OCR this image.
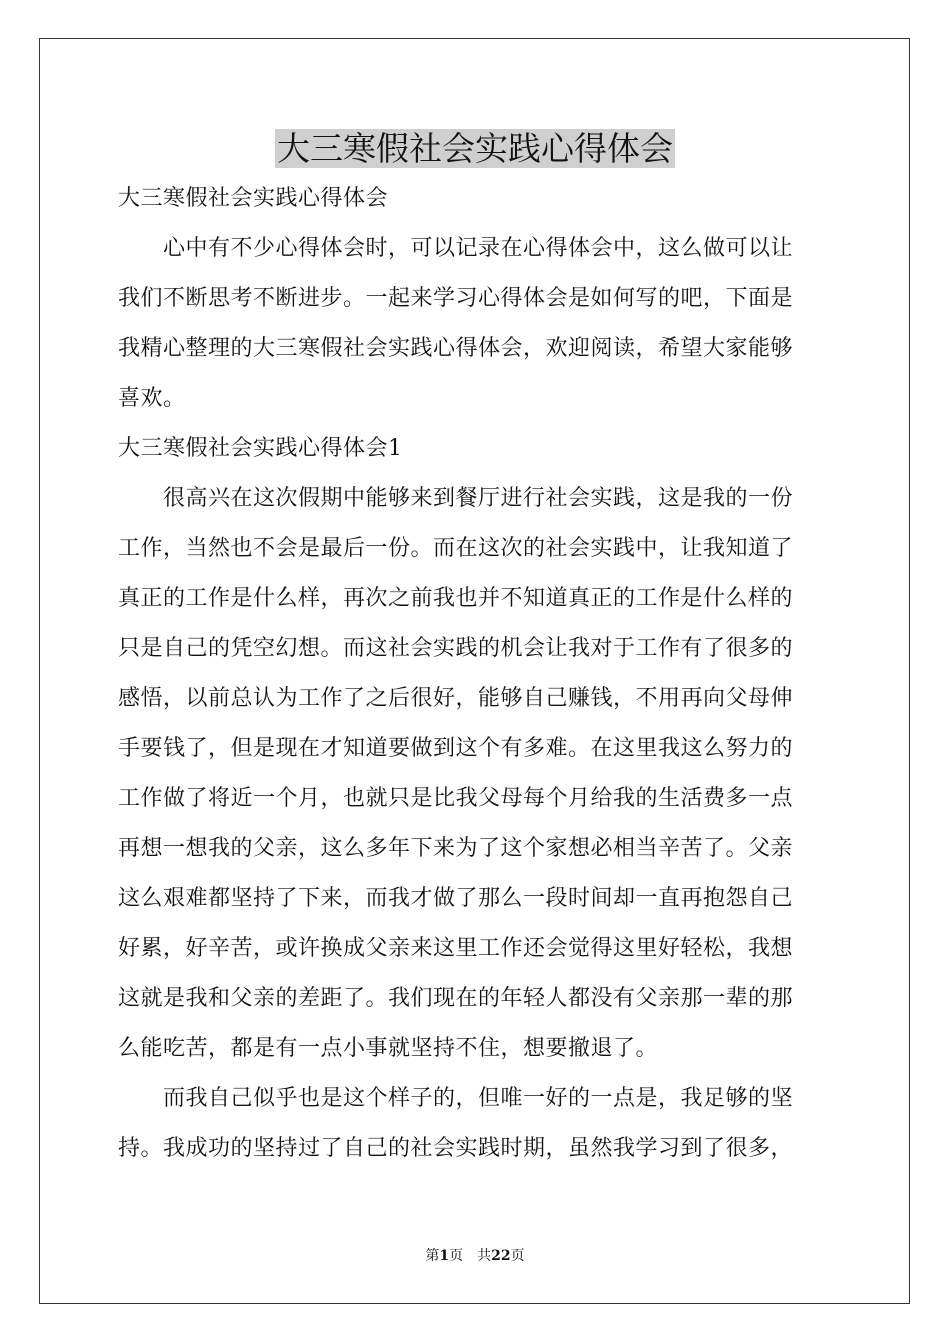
大三寒假社会实践心得体会
大三寒假社会实践心得体会
　　心中有不少心得体会时，可以记录在心得体会中，这么做可以让
我们不断思考不断进步。一起来学习心得体会是如何写的吧，下面是
我精心整理的大三寒假社会实践心得体会，欢迎阅读，希望大家能够
喜欢。
大三寒假社会实践心得体会1
　　很高兴在这次假期中能够来到餐厅进行社会实践，这是我的一份
工作，当然也不会是最后一份。而在这次的社会实践中，让我知道了
真正的工作是什么样，再次之前我也并不知道真正的工作是什么样的
只是自己的凭空幻想。而这社会实践的机会让我对于工作有了很多的
感悟，以前总认为工作了之后很好，能够自己赚钱，不用再向父母伸
手要钱了，但是现在才知道要做到这个有多难。在这里我这么努力的
工作做了将近一个月，也就只是比我父母每个月给我的生活费多一点
再想一想我的父亲，这么多年下来为了这个家想必相当辛苦了。父亲
这么艰难都坚持了下来，而我才做了那么一段时间却一直再抱怨自己
好累，好辛苦，或许换成父亲来这里工作还会觉得这里好轻松，我想
这就是我和父亲的差距了。我们现在的年轻人都没有父亲那一辈的那
么能吃苦，都是有一点小事就坚持不住，想要撤退了。
　　而我自己似乎也是这个样子的，但唯一好的一点是，我足够的坚
持。我成功的坚持过了自己的社会实践时期，虽然我学习到了很多，
第1页　共22页
